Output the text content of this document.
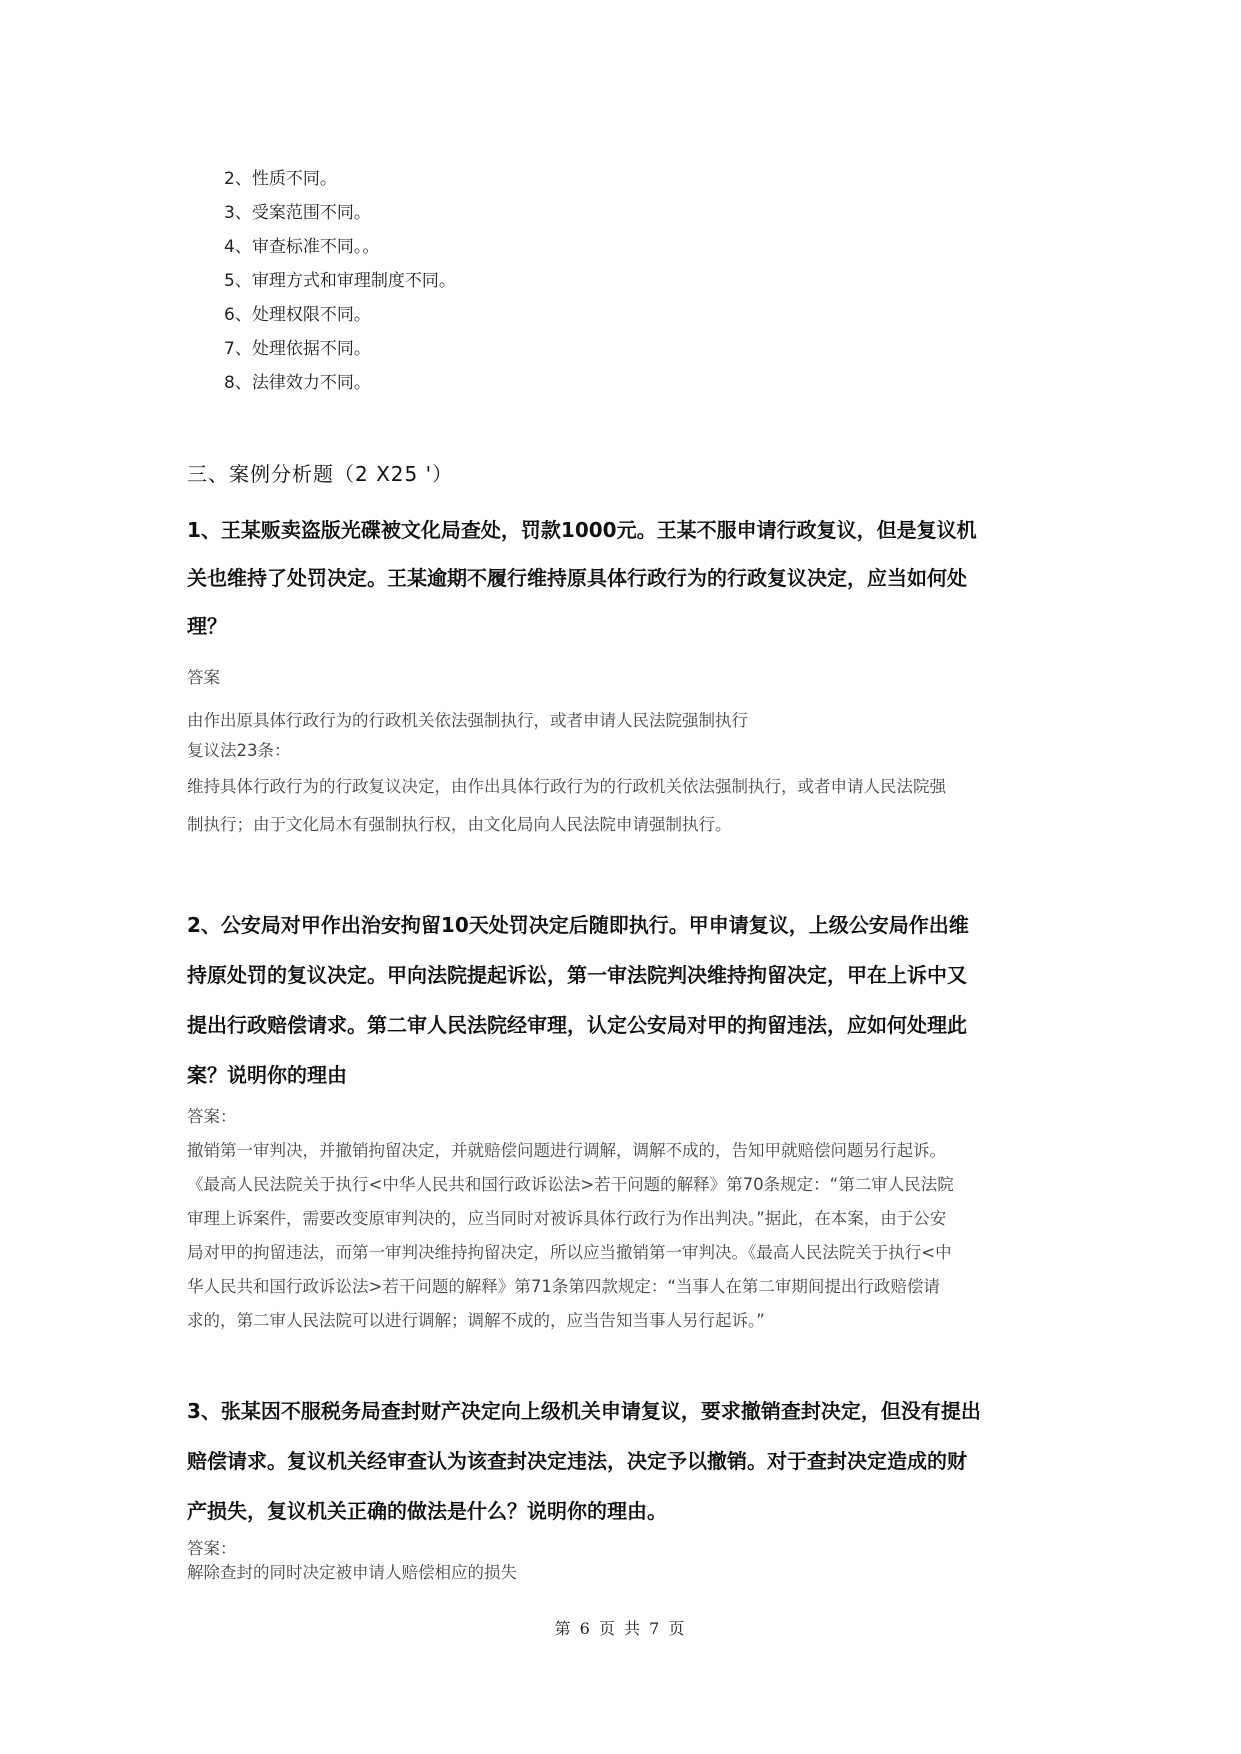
2、性质不同。
3、受案范围不同。
4、审查标准不同。。
5、审理方式和审理制度不同。
6、处理权限不同。
7、处理依据不同。
8、法律效力不同。
三、案例分析题（2 X25 '）
1、王某贩卖盗版光碟被文化局查处，罚款1000元。王某不服申请行政复议，但是复议机
关也维持了处罚决定。王某逾期不履行维持原具体行政行为的行政复议决定，应当如何处
理？
答案
由作出原具体行政行为的行政机关依法强制执行，或者申请人民法院强制执行
复议法23条：
维持具体行政行为的行政复议决定，由作出具体行政行为的行政机关依法强制执行，或者申请人民法院强
制执行；由于文化局木有强制执行权，由文化局向人民法院申请强制执行。
2、公安局对甲作出治安拘留10天处罚决定后随即执行。甲申请复议，上级公安局作出维
持原处罚的复议决定。甲向法院提起诉讼，第一审法院判决维持拘留决定，甲在上诉中又
提出行政赔偿请求。第二审人民法院经审理，认定公安局对甲的拘留违法，应如何处理此
案？说明你的理由
答案：
撤销第一审判决，并撤销拘留决定，并就赔偿问题进行调解，调解不成的，告知甲就赔偿问题另行起诉。
《最高人民法院关于执行<中华人民共和国行政诉讼法>若干问题的解释》第70条规定：“第二审人民法院
审理上诉案件，需要改变原审判决的，应当同时对被诉具体行政行为作出判决。”据此，在本案，由于公安
局对甲的拘留违法，而第一审判决维持拘留决定，所以应当撤销第一审判决。《最高人民法院关于执行<中
华人民共和国行政诉讼法>若干问题的解释》第71条第四款规定：“当事人在第二审期间提出行政赔偿请
求的，第二审人民法院可以进行调解；调解不成的，应当告知当事人另行起诉。”
3、张某因不服税务局查封财产决定向上级机关申请复议，要求撤销查封决定，但没有提出
赔偿请求。复议机关经审查认为该查封决定违法，决定予以撤销。对于查封决定造成的财
产损失，复议机关正确的做法是什么？说明你的理由。
答案：
解除查封的同时决定被申请人赔偿相应的损失
第 6 页 共 7 页
